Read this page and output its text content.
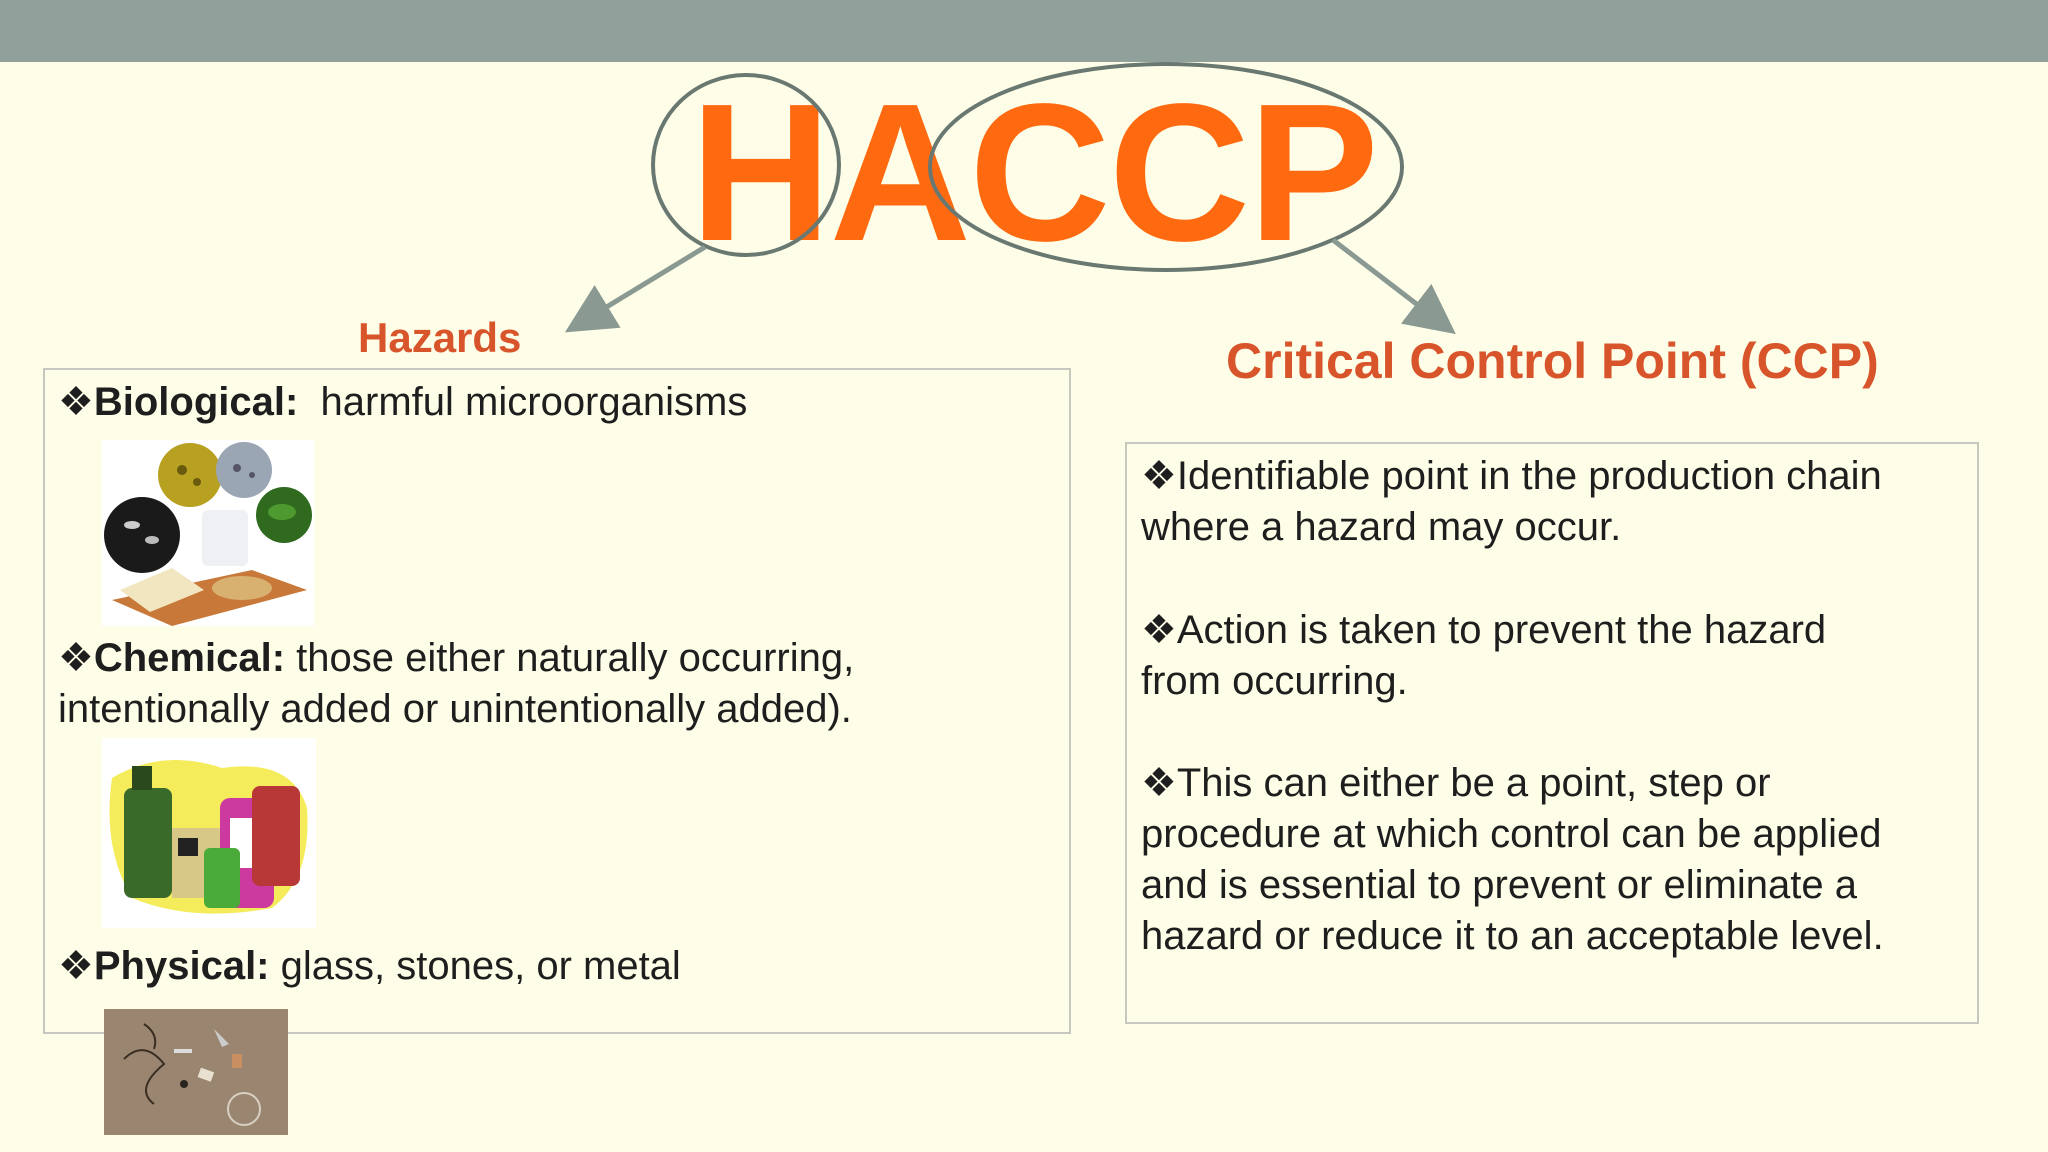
HACCP
Hazards	Critical Control Point (CCP)
❖Biological: harmful microorganisms
❖Chemical: those either naturally occurring, intentionally added or unintentionally added).
❖Physical: glass, stones, or metal
❖Identifiable point in the production chain
where a hazard may occur.
❖Action is taken to prevent the hazard
from occurring.
❖This can either be a point, step or
procedure at which control can be applied
and is essential to prevent or eliminate a
hazard or reduce it to an acceptable level.
